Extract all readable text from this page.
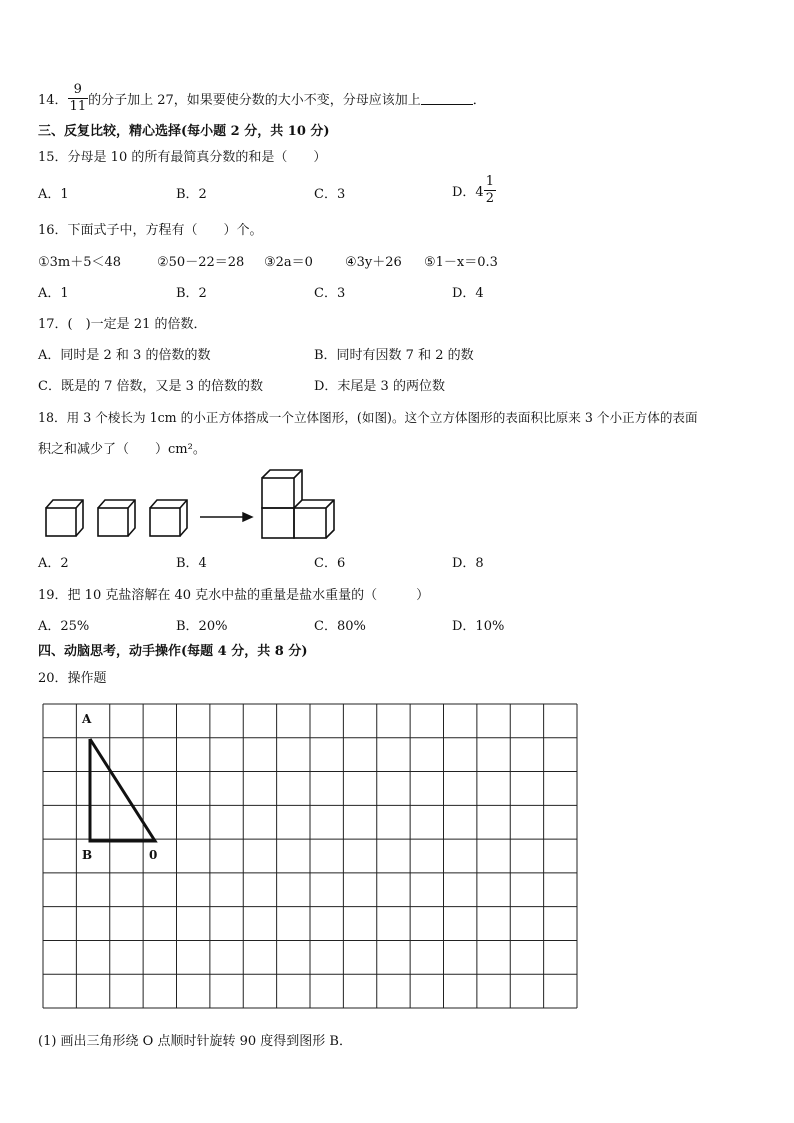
14． $\frac{9}{11}$ 的分子加上 27，如果要使分数的大小不变，分母应该加上	．
三、反复比较，精心选择(每小题 2 分，共 10 分)
15．分母是 10 的所有最简真分数的和是（　　）
A．1	B．2	C．3	D．$4 \frac{1}{2}$
16．下面式子中，方程有（　　）个。
①3m＋5＜48	②50－22＝28 ③2a＝0 ④3y＋26 ⑤1－x＝0.3
A．1	B．2	C．3	D．4
17．(　)一定是 21 的倍数．
A．同时是 2 和 3 的倍数的数	B．同时有因数 7 和 2 的数
C．既是的 7 倍数，又是 3 的倍数的数	D．末尾是 3 的两位数
18．用 3 个棱长为 1cm 的小正方体搭成一个立体图形，(如图)。这个立方体图形的表面积比原来 3 个小正方体的表面
积之和减少了（　　）cm²。
A．2	B．4	C．6	D．8
19．把 10 克盐溶解在 40 克水中盐的重量是盐水重量的（　　　）
A．25%	B．20%	C．80%	D．10%
四、动脑思考，动手操作(每题 4 分，共 8 分)
20．操作题
A
B	0
(1) 画出三角形绕 O 点顺时针旋转 90 度得到图形 B．
